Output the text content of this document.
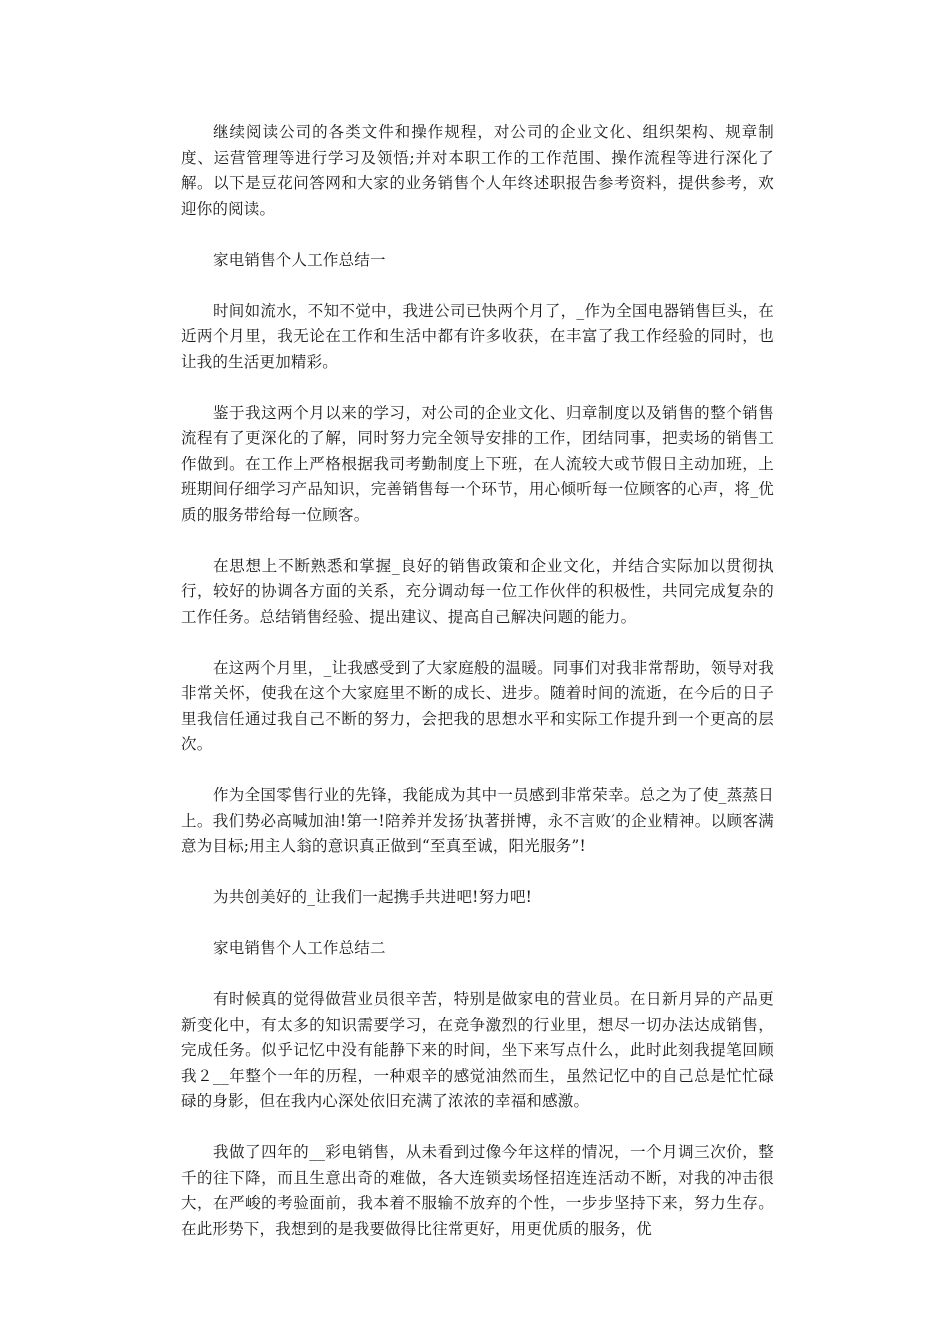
继续阅读公司的各类文件和操作规程，对公司的企业文化、组织架构、规章制度、运营管理等进行学习及领悟;并对本职工作的工作范围、操作流程等进行深化了解。以下是豆花问答网和大家的业务销售个人年终述职报告参考资料，提供参考，欢迎你的阅读。

家电销售个人工作总结一

时间如流水，不知不觉中，我进公司已快两个月了，_作为全国电器销售巨头，在近两个月里，我无论在工作和生活中都有许多收获，在丰富了我工作经验的同时，也让我的生活更加精彩。

鉴于我这两个月以来的学习，对公司的企业文化、归章制度以及销售的整个销售流程有了更深化的了解，同时努力完全领导安排的工作，团结同事，把卖场的销售工作做到。在工作上严格根据我司考勤制度上下班，在人流较大或节假日主动加班，上班期间仔细学习产品知识，完善销售每一个环节，用心倾听每一位顾客的心声，将_优质的服务带给每一位顾客。

在思想上不断熟悉和掌握_良好的销售政策和企业文化，并结合实际加以贯彻执行，较好的协调各方面的关系，充分调动每一位工作伙伴的积极性，共同完成复杂的工作任务。总结销售经验、提出建议、提高自己解决问题的能力。

在这两个月里，_让我感受到了大家庭般的温暖。同事们对我非常帮助，领导对我非常关怀，使我在这个大家庭里不断的成长、进步。随着时间的流逝，在今后的日子里我信任通过我自己不断的努力，会把我的思想水平和实际工作提升到一个更高的层次。

作为全国零售行业的先锋，我能成为其中一员感到非常荣幸。总之为了使_蒸蒸日上。我们势必高喊加油!第一!陪养并发扬′执著拼博，永不言败′的企业精神。以顾客满意为目标;用主人翁的意识真正做到“至真至诚，阳光服务”!

为共创美好的_让我们一起携手共进吧!努力吧!

家电销售个人工作总结二

有时候真的觉得做营业员很辛苦，特别是做家电的营业员。在日新月异的产品更新变化中，有太多的知识需要学习，在竞争激烈的行业里，想尽一切办法达成销售，完成任务。似乎记忆中没有能静下来的时间，坐下来写点什么，此时此刻我提笔回顾我２__年整个一年的历程，一种艰辛的感觉油然而生，虽然记忆中的自己总是忙忙碌碌的身影，但在我内心深处依旧充满了浓浓的幸福和感激。

我做了四年的__彩电销售，从未看到过像今年这样的情况，一个月调三次价，整千的往下降，而且生意出奇的难做，各大连锁卖场怪招连连活动不断，对我的冲击很大，在严峻的考验面前，我本着不服输不放弃的个性，一步步坚持下来，努力生存。在此形势下，我想到的是我要做得比往常更好，用更优质的服务，优
